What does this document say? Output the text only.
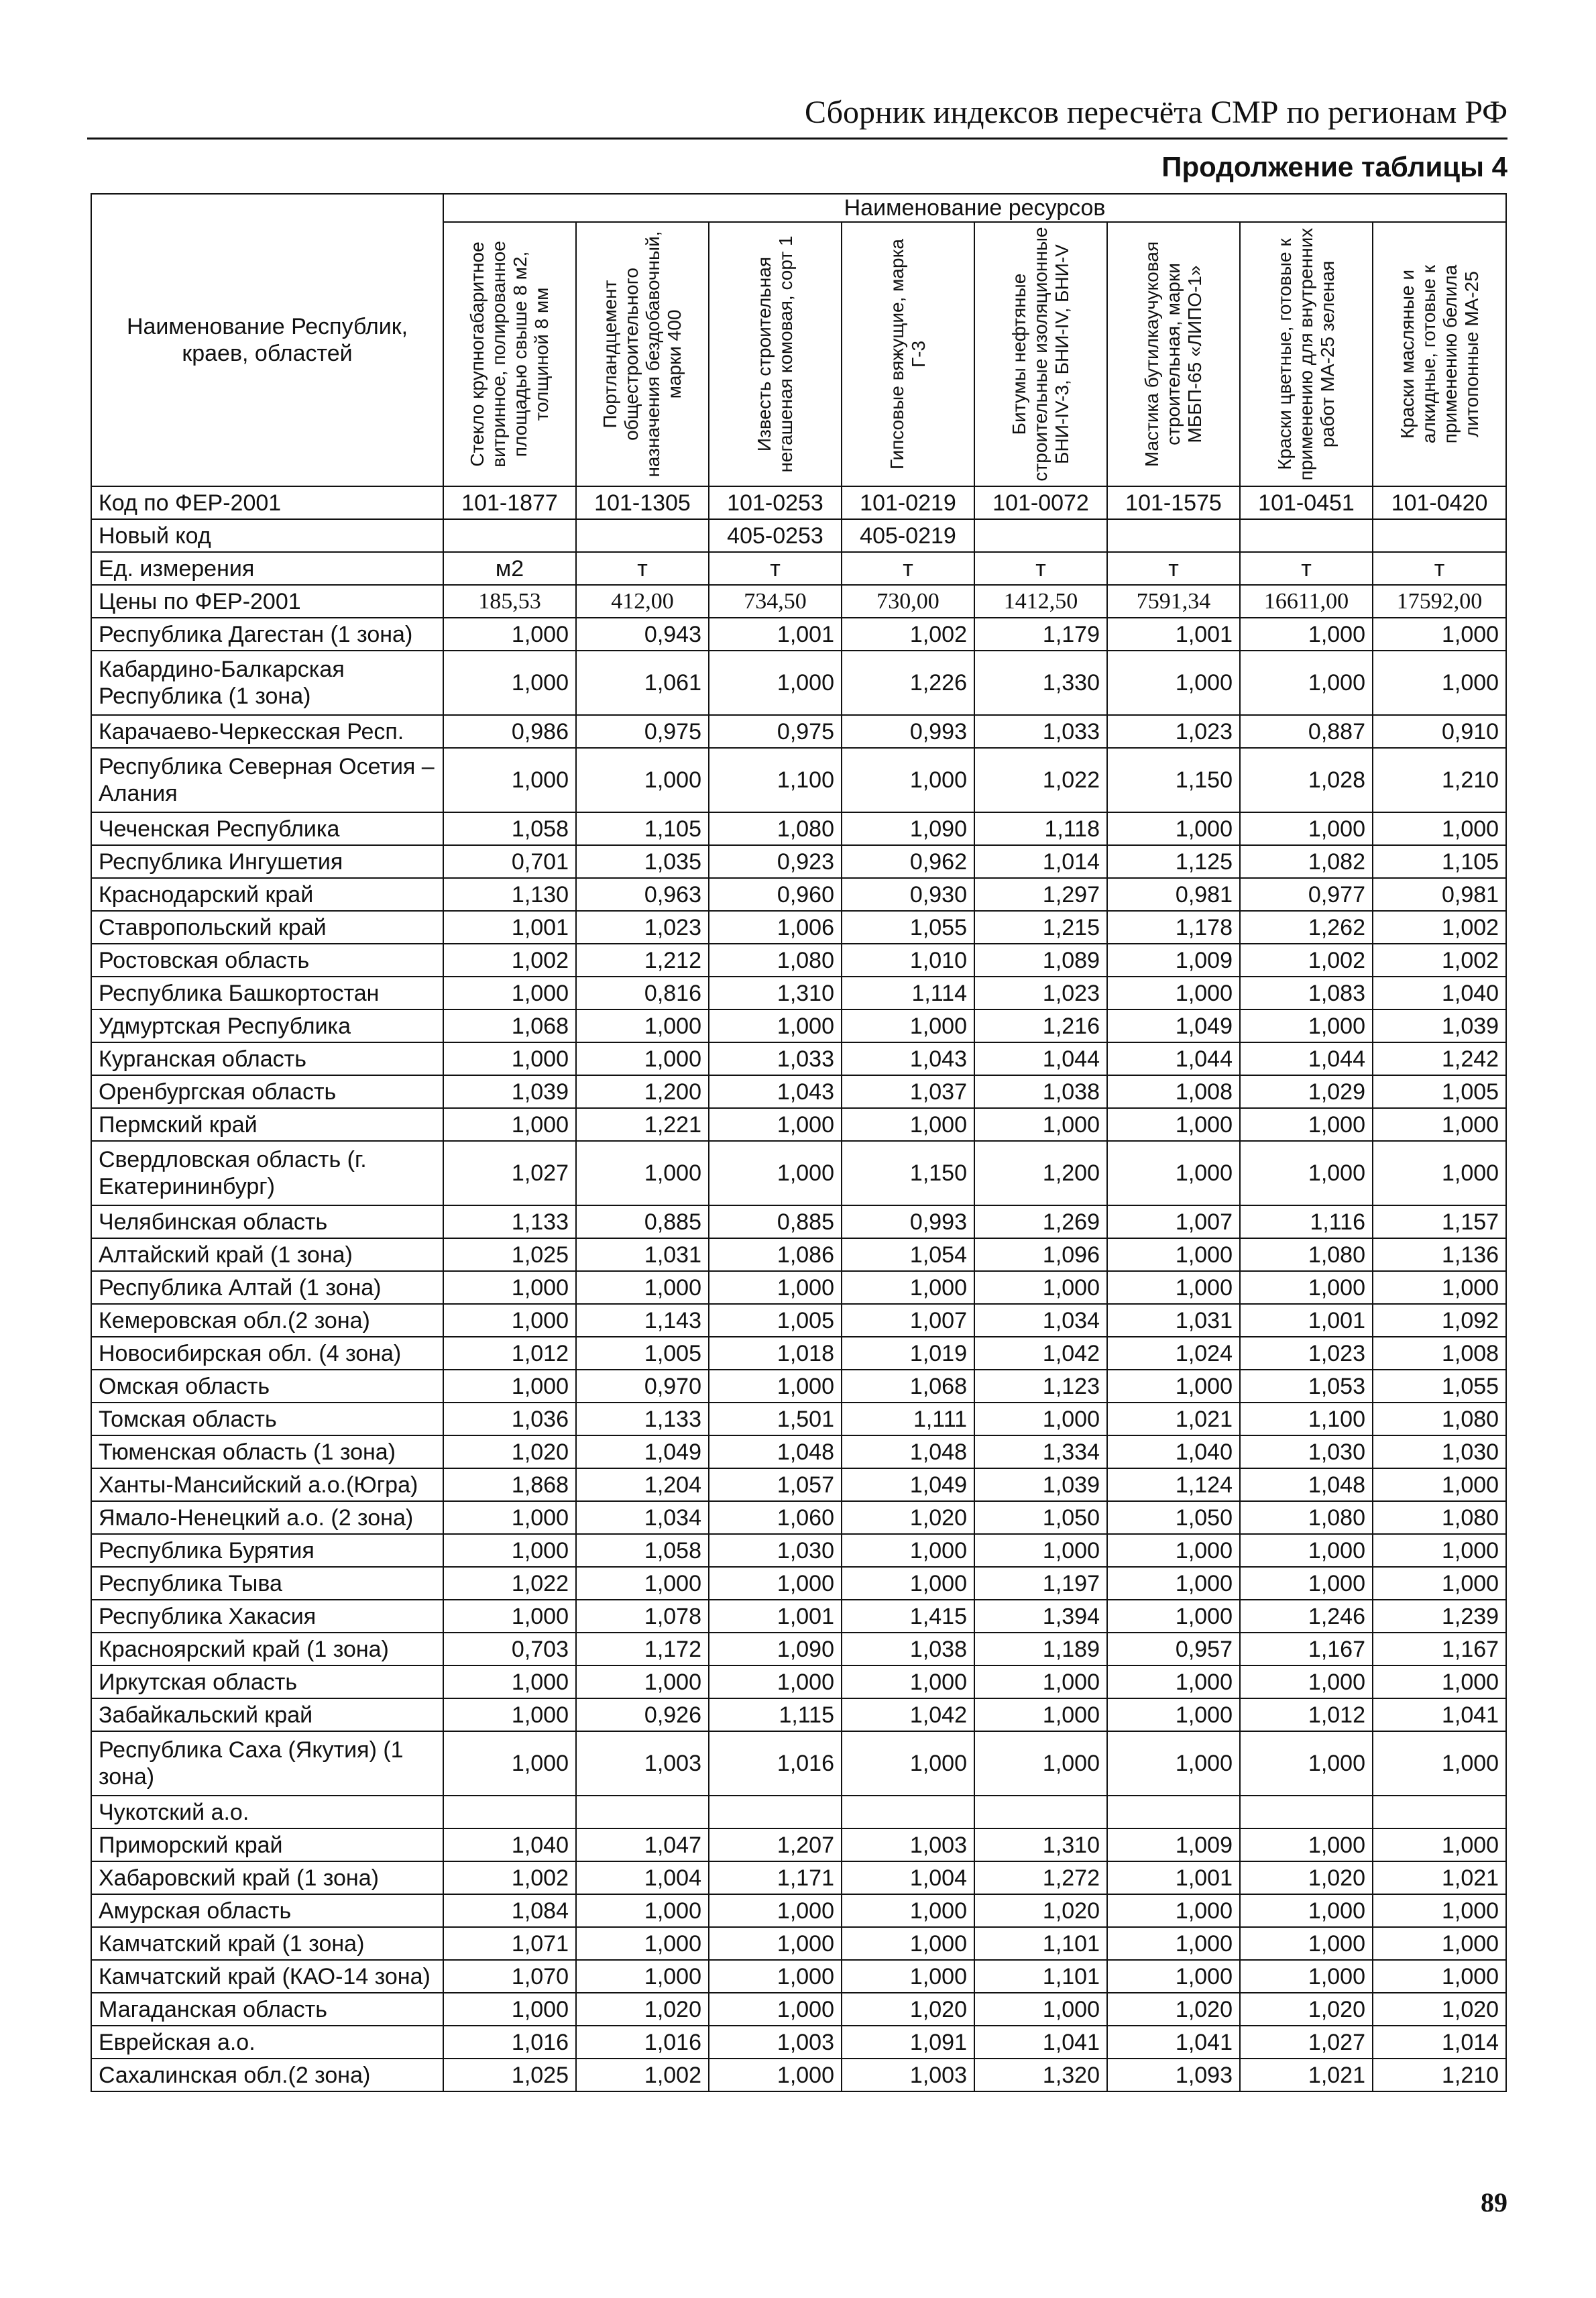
Сборник индексов пересчёта СМР по регионам РФ
Продолжение таблицы 4
Наименование Республик, краев, областей	Наименование ресурсов							

	Стекло крупногабаритное витринное, полированное площадью свыше 8 м2, толщиной 8 мм	Портландцемент общестроительного назначения бездобавочный, марки 400	Известь строительная негашеная комовая, сорт 1	Гипсовые вяжущие, марка Г-3	Битумы нефтяные строительные изоляционные БНИ-IV-3, БНИ-IV, БНИ-V	Мастика бутилкаучуковая строительная, марки МББП-65 «ЛИПО-1»	Краски цветные, готовые к применению для внутренних работ МА-25 зеленая	Краски масляные и алкидные, готовые к применению белила литопонные МА-25

Код по ФЕР-2001	101-1877	101-1305	101-0253	101-0219	101-0072	101-1575	101-0451	101-0420
Новый код			405-0253	405-0219				
Ед. измерения	м2	т	т	т	т	т	т	т
Цены по ФЕР-2001	185,53	412,00	734,50	730,00	1412,50	7591,34	16611,00	17592,00
Республика Дагестан (1 зона)	1,000	0,943	1,001	1,002	1,179	1,001	1,000	1,000
Кабардино-Балкарская Республика (1 зона)	1,000	1,061	1,000	1,226	1,330	1,000	1,000	1,000
Карачаево-Черкесская Респ.	0,986	0,975	0,975	0,993	1,033	1,023	0,887	0,910
Республика Северная Осетия – Алания	1,000	1,000	1,100	1,000	1,022	1,150	1,028	1,210
Чеченская Республика	1,058	1,105	1,080	1,090	1,118	1,000	1,000	1,000
Республика Ингушетия	0,701	1,035	0,923	0,962	1,014	1,125	1,082	1,105
Краснодарский край	1,130	0,963	0,960	0,930	1,297	0,981	0,977	0,981
Ставропольский край	1,001	1,023	1,006	1,055	1,215	1,178	1,262	1,002
Ростовская область	1,002	1,212	1,080	1,010	1,089	1,009	1,002	1,002
Республика Башкортостан	1,000	0,816	1,310	1,114	1,023	1,000	1,083	1,040
Удмуртская Республика	1,068	1,000	1,000	1,000	1,216	1,049	1,000	1,039
Курганская область	1,000	1,000	1,033	1,043	1,044	1,044	1,044	1,242
Оренбургская область	1,039	1,200	1,043	1,037	1,038	1,008	1,029	1,005
Пермский край	1,000	1,221	1,000	1,000	1,000	1,000	1,000	1,000
Свердловская область (г. Екатерининбург)	1,027	1,000	1,000	1,150	1,200	1,000	1,000	1,000
Челябинская область	1,133	0,885	0,885	0,993	1,269	1,007	1,116	1,157
Алтайский край (1 зона)	1,025	1,031	1,086	1,054	1,096	1,000	1,080	1,136
Республика Алтай (1 зона)	1,000	1,000	1,000	1,000	1,000	1,000	1,000	1,000
Кемеровская обл.(2 зона)	1,000	1,143	1,005	1,007	1,034	1,031	1,001	1,092
Новосибирская обл. (4 зона)	1,012	1,005	1,018	1,019	1,042	1,024	1,023	1,008
Омская область	1,000	0,970	1,000	1,068	1,123	1,000	1,053	1,055
Томская область	1,036	1,133	1,501	1,111	1,000	1,021	1,100	1,080
Тюменская область (1 зона)	1,020	1,049	1,048	1,048	1,334	1,040	1,030	1,030
Ханты-Мансийский а.о.(Югра)	1,868	1,204	1,057	1,049	1,039	1,124	1,048	1,000
Ямало-Ненецкий а.о. (2 зона)	1,000	1,034	1,060	1,020	1,050	1,050	1,080	1,080
Республика Бурятия	1,000	1,058	1,030	1,000	1,000	1,000	1,000	1,000
Республика Тыва	1,022	1,000	1,000	1,000	1,197	1,000	1,000	1,000
Республика Хакасия	1,000	1,078	1,001	1,415	1,394	1,000	1,246	1,239
Красноярский край (1 зона)	0,703	1,172	1,090	1,038	1,189	0,957	1,167	1,167
Иркутская область	1,000	1,000	1,000	1,000	1,000	1,000	1,000	1,000
Забайкальский край	1,000	0,926	1,115	1,042	1,000	1,000	1,012	1,041
Республика Саха (Якутия) (1 зона)	1,000	1,003	1,016	1,000	1,000	1,000	1,000	1,000
Чукотский а.о.								
Приморский край	1,040	1,047	1,207	1,003	1,310	1,009	1,000	1,000
Хабаровский край (1 зона)	1,002	1,004	1,171	1,004	1,272	1,001	1,020	1,021
Амурская область	1,084	1,000	1,000	1,000	1,020	1,000	1,000	1,000
Камчатский край (1 зона)	1,071	1,000	1,000	1,000	1,101	1,000	1,000	1,000
Камчатский край (КАО-14 зона)	1,070	1,000	1,000	1,000	1,101	1,000	1,000	1,000
Магаданская область	1,000	1,020	1,000	1,020	1,000	1,020	1,020	1,020
Еврейская а.о.	1,016	1,016	1,003	1,091	1,041	1,041	1,027	1,014
Сахалинская обл.(2 зона)	1,025	1,002	1,000	1,003	1,320	1,093	1,021	1,210
89
